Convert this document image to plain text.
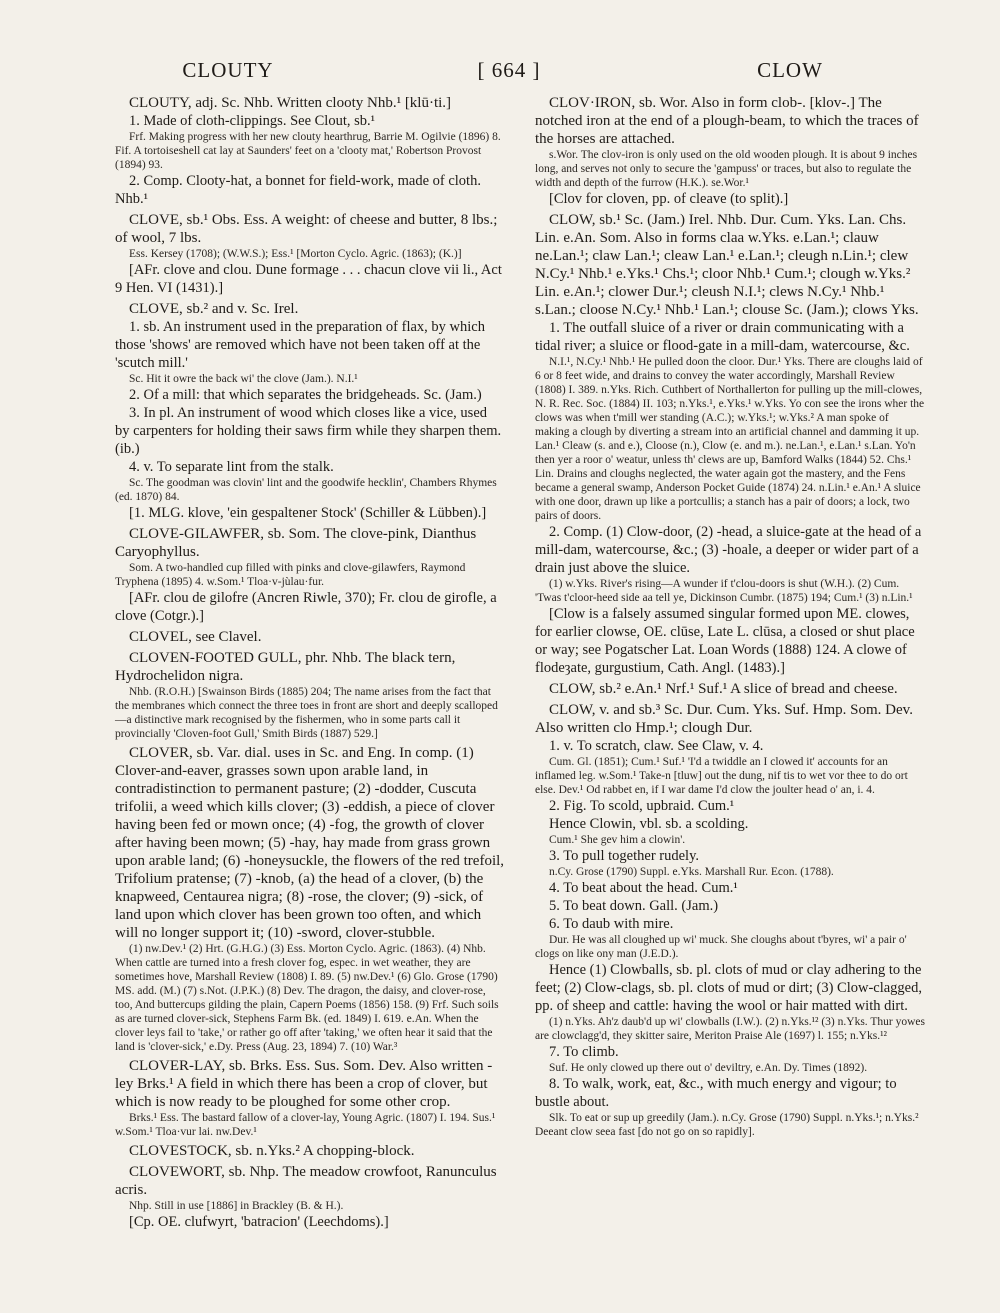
CLOUTY	[ 664 ]	CLOW

CLOUTY, adj. Sc. Nhb. Written clooty Nhb.¹ [klū·ti.]

1. Made of cloth-clippings. See Clout, sb.¹

Frf. Making progress with her new clouty hearthrug, Barrie M. Ogilvie (1896) 8. Fif. A tortoiseshell cat lay at Saunders' feet on a 'clooty mat,' Robertson Provost (1894) 93.

2. Comp. Clooty-hat, a bonnet for field-work, made of cloth. Nhb.¹

CLOVE, sb.¹ Obs. Ess. A weight: of cheese and butter, 8 lbs.; of wool, 7 lbs.

Ess. Kersey (1708); (W.W.S.); Ess.¹ [Morton Cyclo. Agric. (1863); (K.)]

[AFr. clove and clou. Dune formage . . . chacun clove vii li., Act 9 Hen. VI (1431).]

CLOVE, sb.² and v. Sc. Irel.

1. sb. An instrument used in the preparation of flax, by which those 'shows' are removed which have not been taken off at the 'scutch mill.'

Sc. Hit it owre the back wi' the clove (Jam.). N.I.¹

2. Of a mill: that which separates the bridgeheads. Sc. (Jam.)

3. In pl. An instrument of wood which closes like a vice, used by carpenters for holding their saws firm while they sharpen them. (ib.)

4. v. To separate lint from the stalk.

Sc. The goodman was clovin' lint and the goodwife hecklin', Chambers Rhymes (ed. 1870) 84.

[1. MLG. klove, 'ein gespaltener Stock' (Schiller & Lübben).]

CLOVE-GILAWFER, sb. Som. The clove-pink, Dianthus Caryophyllus.

Som. A two-handled cup filled with pinks and clove-gilawfers, Raymond Tryphena (1895) 4. w.Som.¹ Tloa·v-jùlau·fur.

[AFr. clou de gilofre (Ancren Riwle, 370); Fr. clou de girofle, a clove (Cotgr.).]

CLOVEL, see Clavel.

CLOVEN-FOOTED GULL, phr. Nhb. The black tern, Hydrochelidon nigra.

Nhb. (R.O.H.) [Swainson Birds (1885) 204; The name arises from the fact that the membranes which connect the three toes in front are short and deeply scalloped—a distinctive mark recognised by the fishermen, who in some parts call it provincially 'Cloven-foot Gull,' Smith Birds (1887) 529.]

CLOVER, sb. Var. dial. uses in Sc. and Eng. In comp. (1) Clover-and-eaver, grasses sown upon arable land, in contradistinction to permanent pasture; (2) -dodder, Cuscuta trifolii, a weed which kills clover; (3) -eddish, a piece of clover having been fed or mown once; (4) -fog, the growth of clover after having been mown; (5) -hay, hay made from grass grown upon arable land; (6) -honeysuckle, the flowers of the red trefoil, Trifolium pratense; (7) -knob, (a) the head of a clover, (b) the knapweed, Centaurea nigra; (8) -rose, the clover; (9) -sick, of land upon which clover has been grown too often, and which will no longer support it; (10) -sword, clover-stubble.

(1) nw.Dev.¹ (2) Hrt. (G.H.G.) (3) Ess. Morton Cyclo. Agric. (1863). (4) Nhb. When cattle are turned into a fresh clover fog, espec. in wet weather, they are sometimes hove, Marshall Review (1808) I. 89. (5) nw.Dev.¹ (6) Glo. Grose (1790) MS. add. (M.) (7) s.Not. (J.P.K.) (8) Dev. The dragon, the daisy, and clover-rose, too, And buttercups gilding the plain, Capern Poems (1856) 158. (9) Frf. Such soils as are turned clover-sick, Stephens Farm Bk. (ed. 1849) I. 619. e.An. When the clover leys fail to 'take,' or rather go off after 'taking,' we often hear it said that the land is 'clover-sick,' e.Dy. Press (Aug. 23, 1894) 7. (10) War.³

CLOVER-LAY, sb. Brks. Ess. Sus. Som. Dev. Also written -ley Brks.¹ A field in which there has been a crop of clover, but which is now ready to be ploughed for some other crop.

Brks.¹ Ess. The bastard fallow of a clover-lay, Young Agric. (1807) I. 194. Sus.¹ w.Som.¹ Tloa·vur lai. nw.Dev.¹

CLOVESTOCK, sb. n.Yks.² A chopping-block.

CLOVEWORT, sb. Nhp. The meadow crowfoot, Ranunculus acris.

Nhp. Still in use [1886] in Brackley (B. & H.).

[Cp. OE. clufwyrt, 'batracion' (Leechdoms).]

CLOV·IRON, sb. Wor. Also in form clob-. [klov-.] The notched iron at the end of a plough-beam, to which the traces of the horses are attached.

s.Wor. The clov-iron is only used on the old wooden plough. It is about 9 inches long, and serves not only to secure the 'gampuss' or traces, but also to regulate the width and depth of the furrow (H.K.). se.Wor.¹

[Clov for cloven, pp. of cleave (to split).]

CLOW, sb.¹ Sc. (Jam.) Irel. Nhb. Dur. Cum. Yks. Lan. Chs. Lin. e.An. Som. Also in forms claa w.Yks. e.Lan.¹; clauw ne.Lan.¹; claw Lan.¹; cleaw Lan.¹ e.Lan.¹; cleugh n.Lin.¹; clew N.Cy.¹ Nhb.¹ e.Yks.¹ Chs.¹; cloor Nhb.¹ Cum.¹; clough w.Yks.² Lin. e.An.¹; clower Dur.¹; cleush N.I.¹; clews N.Cy.¹ Nhb.¹ s.Lan.; cloose N.Cy.¹ Nhb.¹ Lan.¹; clouse Sc. (Jam.); clows Yks.

1. The outfall sluice of a river or drain communicating with a tidal river; a sluice or flood-gate in a mill-dam, watercourse, &c.

N.I.¹, N.Cy.¹ Nhb.¹ He pulled doon the cloor. Dur.¹ Yks. There are cloughs laid of 6 or 8 feet wide, and drains to convey the water accordingly, Marshall Review (1808) I. 389. n.Yks. Rich. Cuthbert of Northallerton for pulling up the mill-clowes, N. R. Rec. Soc. (1884) II. 103; n.Yks.¹, e.Yks.¹ w.Yks. Yo con see the irons wher the clows was when t'mill wer standing (A.C.); w.Yks.¹; w.Yks.² A man spoke of making a clough by diverting a stream into an artificial channel and damming it up. Lan.¹ Cleaw (s. and e.), Cloose (n.), Clow (e. and m.). ne.Lan.¹, e.Lan.¹ s.Lan. Yo'n then yer a roor o' weatur, unless th' clews are up, Bamford Walks (1844) 52. Chs.¹ Lin. Drains and cloughs neglected, the water again got the mastery, and the Fens became a general swamp, Anderson Pocket Guide (1874) 24. n.Lin.¹ e.An.¹ A sluice with one door, drawn up like a portcullis; a stanch has a pair of doors; a lock, two pairs of doors.

2. Comp. (1) Clow-door, (2) -head, a sluice-gate at the head of a mill-dam, watercourse, &c.; (3) -hoale, a deeper or wider part of a drain just above the sluice.

(1) w.Yks. River's rising—A wunder if t'clou-doors is shut (W.H.). (2) Cum. 'Twas t'cloor-heed side aa tell ye, Dickinson Cumbr. (1875) 194; Cum.¹ (3) n.Lin.¹

[Clow is a falsely assumed singular formed upon ME. clowes, for earlier clowse, OE. clūse, Late L. clūsa, a closed or shut place or way; see Pogatscher Lat. Loan Words (1888) 124. A clowe of flodeȝate, gurgustium, Cath. Angl. (1483).]

CLOW, sb.² e.An.¹ Nrf.¹ Suf.¹ A slice of bread and cheese.

CLOW, v. and sb.³ Sc. Dur. Cum. Yks. Suf. Hmp. Som. Dev. Also written clo Hmp.¹; clough Dur.

1. v. To scratch, claw. See Claw, v. 4.

Cum. Gl. (1851); Cum.¹ Suf.¹ 'I'd a twiddle an I clowed it' accounts for an inflamed leg. w.Som.¹ Take-n [tluw] out the dung, nif tis to wet vor thee to do ort else. Dev.¹ Od rabbet en, if I war dame I'd clow the joulter head o' an, i. 4.

2. Fig. To scold, upbraid. Cum.¹

Hence Clowin, vbl. sb. a scolding.

Cum.¹ She gev him a clowin'.

3. To pull together rudely.

n.Cy. Grose (1790) Suppl. e.Yks. Marshall Rur. Econ. (1788).

4. To beat about the head. Cum.¹

5. To beat down. Gall. (Jam.)

6. To daub with mire.

Dur. He was all cloughed up wi' muck. She cloughs about t'byres, wi' a pair o' clogs on like ony man (J.E.D.).

Hence (1) Clowballs, sb. pl. clots of mud or clay adhering to the feet; (2) Clow-clags, sb. pl. clots of mud or dirt; (3) Clow-clagged, pp. of sheep and cattle: having the wool or hair matted with dirt.

(1) n.Yks. Ah'z daub'd up wi' clowballs (I.W.). (2) n.Yks.¹² (3) n.Yks. Thur yowes are clowclagg'd, they skitter saire, Meriton Praise Ale (1697) l. 155; n.Yks.¹²

7. To climb.

Suf. He only clowed up there out o' deviltry, e.An. Dy. Times (1892).

8. To walk, work, eat, &c., with much energy and vigour; to bustle about.

Slk. To eat or sup up greedily (Jam.). n.Cy. Grose (1790) Suppl. n.Yks.¹; n.Yks.² Deeant clow seea fast [do not go on so rapidly].
